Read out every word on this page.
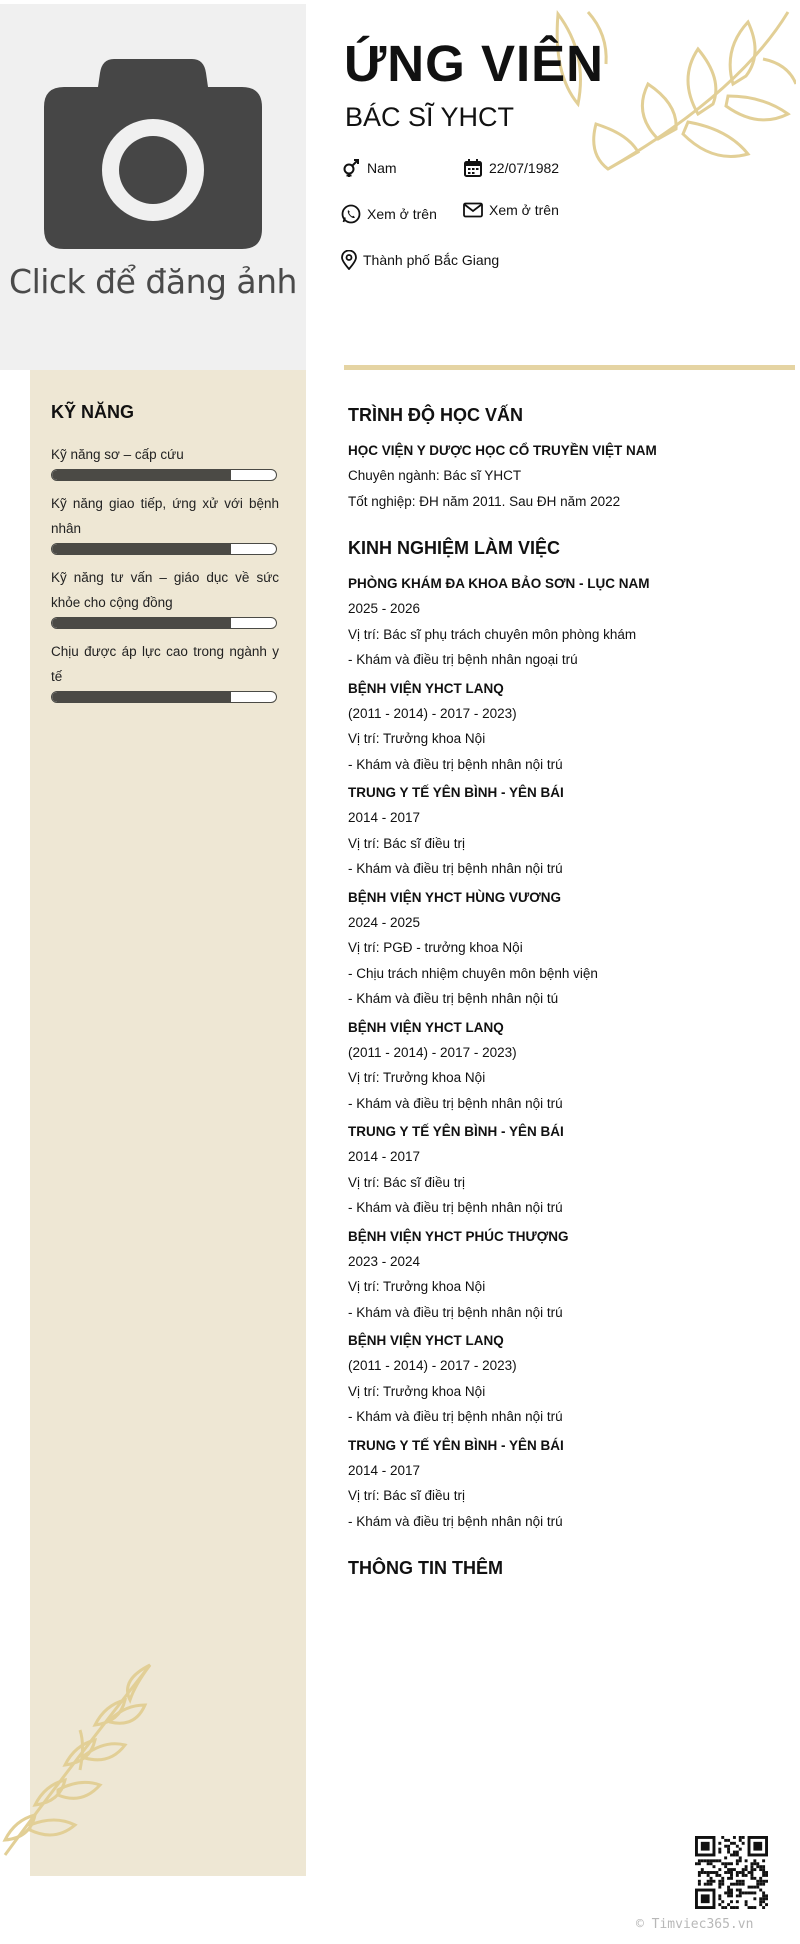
Click để đăng ảnh
ỨNG VIÊN
BÁC SĨ YHCT
Nam	22/07/1982
Xem ở trên	Xem ở trên
Thành phố Bắc Giang
KỸ NĂNG
Kỹ năng sơ – cấp cứu
Kỹ năng giao tiếp, ứng xử với bệnh nhân
Kỹ năng tư vấn – giáo dục về sức khỏe cho cộng đồng
Chịu được áp lực cao trong ngành y tế
TRÌNH ĐỘ HỌC VẤN
HỌC VIỆN Y DƯỢC HỌC CỔ TRUYỀN VIỆT NAM
Chuyên ngành: Bác sĩ YHCT
Tốt nghiệp: ĐH năm 2011. Sau ĐH năm 2022
KINH NGHIỆM LÀM VIỆC
PHÒNG KHÁM ĐA KHOA BẢO SƠN - LỤC NAM
2025 - 2026
Vị trí: Bác sĩ phụ trách chuyên môn phòng khám
- Khám và điều trị bệnh nhân ngoại trú
BỆNH VIỆN YHCT LANQ
(2011 - 2014) - 2017 - 2023)
Vị trí: Trưởng khoa Nội
- Khám và điều trị bệnh nhân nội trú
TRUNG Y TẾ YÊN BÌNH - YÊN BÁI
2014 - 2017
Vị trí: Bác sĩ điều trị
- Khám và điều trị bệnh nhân nội trú
BỆNH VIỆN YHCT HÙNG VƯƠNG
2024 - 2025
Vị trí: PGĐ - trưởng khoa Nội
- Chịu trách nhiệm chuyên môn bệnh viện
- Khám và điều trị bệnh nhân nội tú
BỆNH VIỆN YHCT LANQ
(2011 - 2014) - 2017 - 2023)
Vị trí: Trưởng khoa Nội
- Khám và điều trị bệnh nhân nội trú
TRUNG Y TẾ YÊN BÌNH - YÊN BÁI
2014 - 2017
Vị trí: Bác sĩ điều trị
- Khám và điều trị bệnh nhân nội trú
BỆNH VIỆN YHCT PHÚC THƯỢNG
2023 - 2024
Vị trí: Trưởng khoa Nội
- Khám và điều trị bệnh nhân nội trú
BỆNH VIỆN YHCT LANQ
(2011 - 2014) - 2017 - 2023)
Vị trí: Trưởng khoa Nội
- Khám và điều trị bệnh nhân nội trú
TRUNG Y TẾ YÊN BÌNH - YÊN BÁI
2014 - 2017
Vị trí: Bác sĩ điều trị
- Khám và điều trị bệnh nhân nội trú
THÔNG TIN THÊM
© Timviec365.vn
